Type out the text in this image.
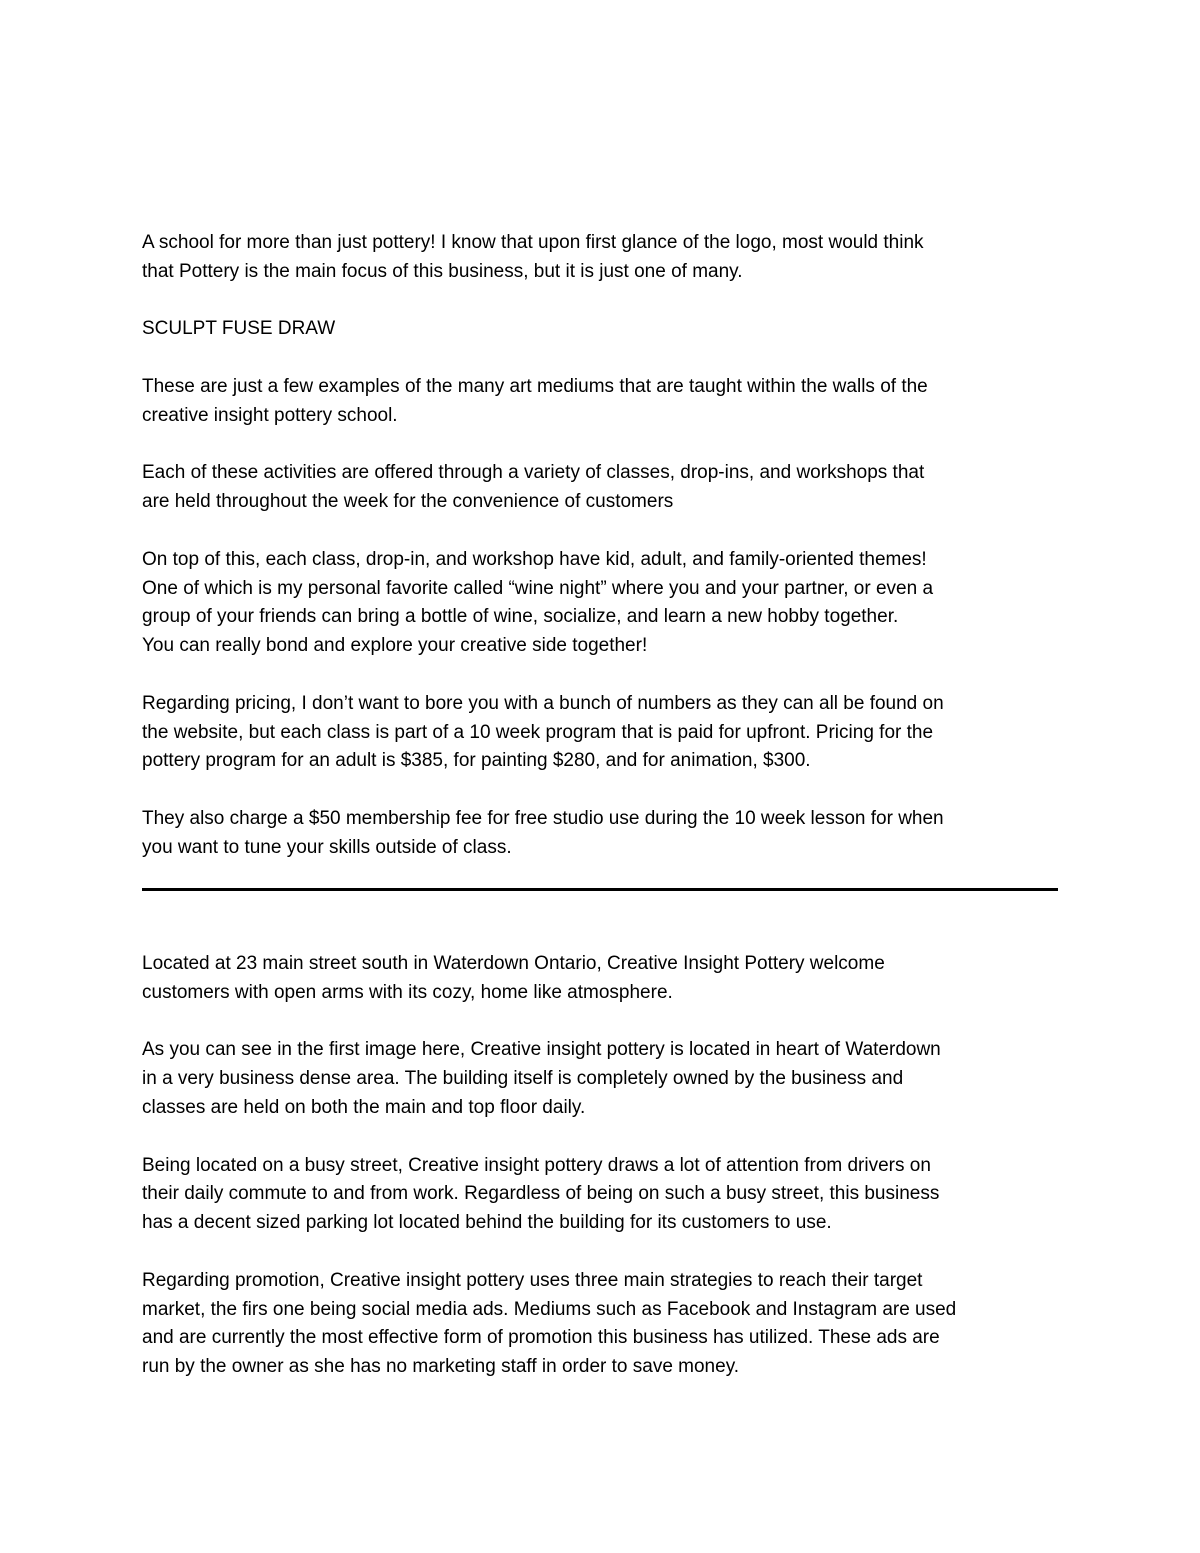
A school for more than just pottery! I know that upon first glance of the logo, most would think
that Pottery is the main focus of this business, but it is just one of many.

SCULPT FUSE DRAW

These are just a few examples of the many art mediums that are taught within the walls of the
creative insight pottery school.

Each of these activities are offered through a variety of classes, drop-ins, and workshops that
are held throughout the week for the convenience of customers

On top of this, each class, drop-in, and workshop have kid, adult, and family-oriented themes!
One of which is my personal favorite called “wine night” where you and your partner, or even a
group of your friends can bring a bottle of wine, socialize, and learn a new hobby together.
You can really bond and explore your creative side together!

Regarding pricing, I don’t want to bore you with a bunch of numbers as they can all be found on
the website, but each class is part of a 10 week program that is paid for upfront. Pricing for the
pottery program for an adult is $385, for painting $280, and for animation, $300.

They also charge a $50 membership fee for free studio use during the 10 week lesson for when
you want to tune your skills outside of class.

Located at 23 main street south in Waterdown Ontario, Creative Insight Pottery welcome
customers with open arms with its cozy, home like atmosphere.

As you can see in the first image here, Creative insight pottery is located in heart of Waterdown
in a very business dense area. The building itself is completely owned by the business and
classes are held on both the main and top floor daily.

Being located on a busy street, Creative insight pottery draws a lot of attention from drivers on
their daily commute to and from work. Regardless of being on such a busy street, this business
has a decent sized parking lot located behind the building for its customers to use.

Regarding promotion, Creative insight pottery uses three main strategies to reach their target
market, the firs one being social media ads. Mediums such as Facebook and Instagram are used
and are currently the most effective form of promotion this business has utilized. These ads are
run by the owner as she has no marketing staff in order to save money.
